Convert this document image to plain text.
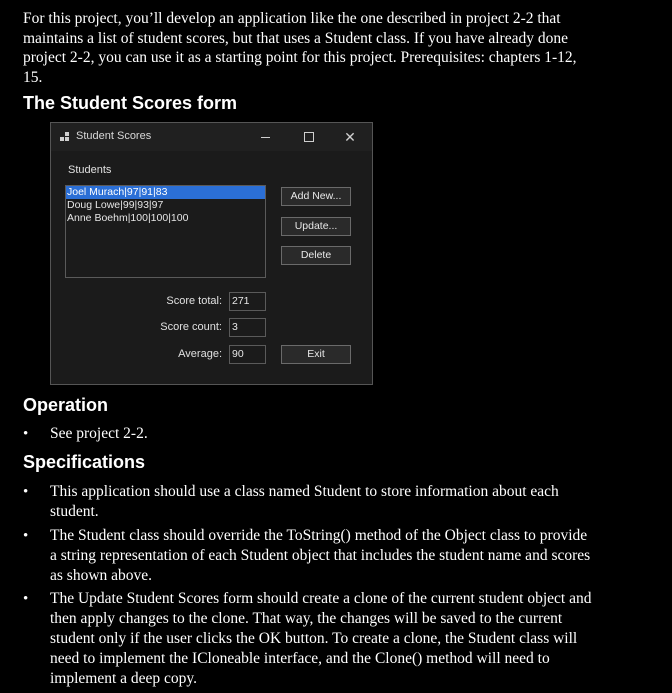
For this project, you’ll develop an application like the one described in project 2-2 that
maintains a list of student scores, but that uses a Student class. If you have already done
project 2-2, you can use it as a starting point for this project. Prerequisites: chapters 1-12,
15.

The Student Scores form
Student Scores	✕
Students
Joel Murach|97|91|83
Doug Lowe|99|93|97
Anne Boehm|100|100|100
Add New...
Update...
Delete
Score total: 271
Score count: 3
Average: 90	Exit
Operation
• See project 2-2.
Specifications
• This application should use a class named Student to store information about each
student.
• The Student class should override the ToString() method of the Object class to provide
a string representation of each Student object that includes the student name and scores
as shown above.
• The Update Student Scores form should create a clone of the current student object and
then apply changes to the clone. That way, the changes will be saved to the current
student only if the user clicks the OK button. To create a clone, the Student class will
need to implement the ICloneable interface, and the Clone() method will need to
implement a deep copy.
